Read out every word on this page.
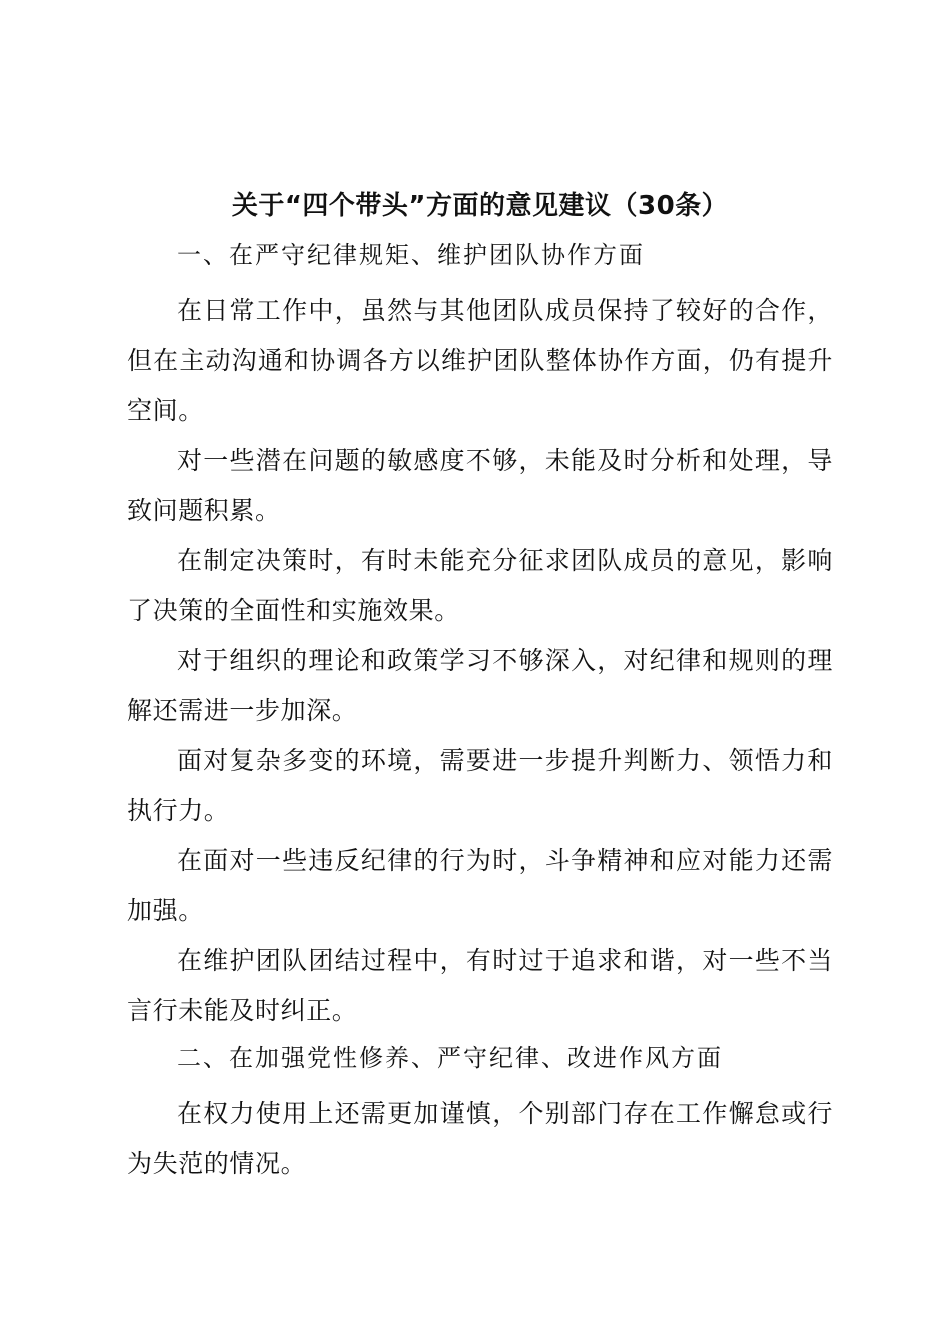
关于“四个带头”方面的意见建议（30条）
一、在严守纪律规矩、维护团队协作方面

在日常工作中，虽然与其他团队成员保持了较好的合作，但在主动沟通和协调各方以维护团队整体协作方面，仍有提升空间。

对一些潜在问题的敏感度不够，未能及时分析和处理，导致问题积累。

在制定决策时，有时未能充分征求团队成员的意见，影响了决策的全面性和实施效果。

对于组织的理论和政策学习不够深入，对纪律和规则的理解还需进一步加深。

面对复杂多变的环境，需要进一步提升判断力、领悟力和执行力。

在面对一些违反纪律的行为时，斗争精神和应对能力还需加强。

在维护团队团结过程中，有时过于追求和谐，对一些不当言行未能及时纠正。

二、在加强党性修养、严守纪律、改进作风方面

在权力使用上还需更加谨慎，个别部门存在工作懈怠或行为失范的情况。
